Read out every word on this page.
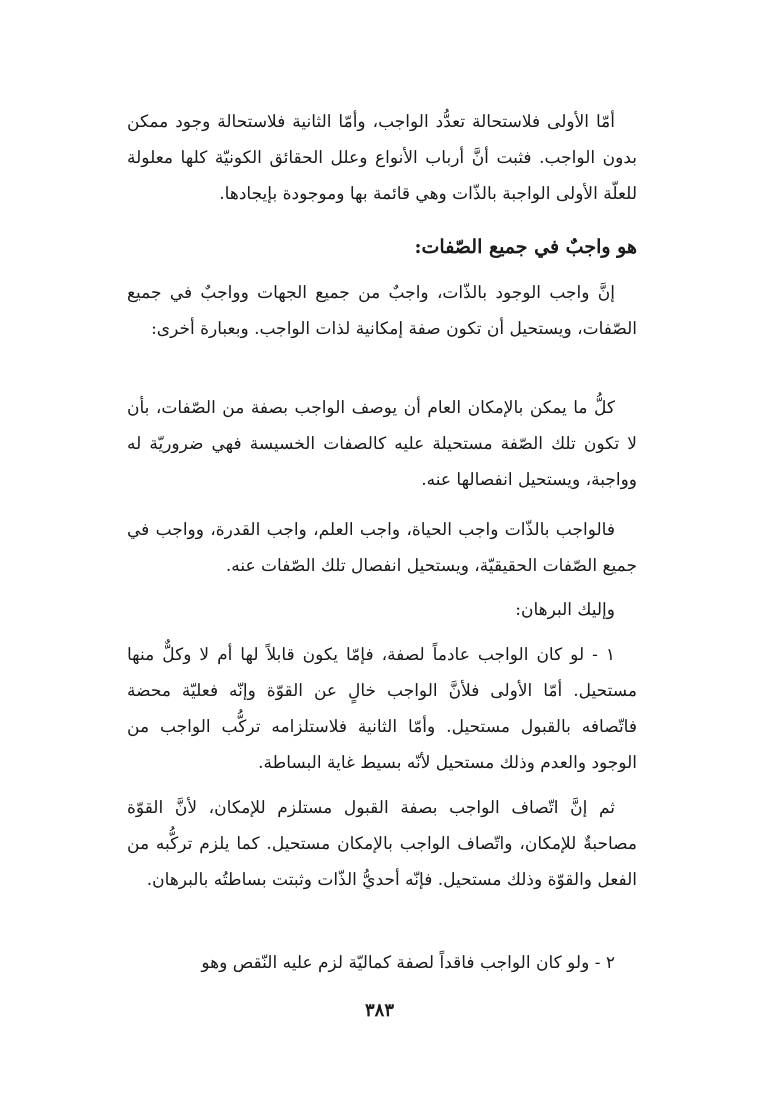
أمّا الأولى فلاستحالة تعدُّد الواجب، وأمّا الثانية فلاستحالة وجود ممكن بدون الواجب. فثبت أنَّ أرباب الأنواع وعلل الحقائق الكونيّة كلها معلولة للعلّة الأولى الواجبة بالذّات وهي قائمة بها وموجودة بإيجادها.

هو واجبٌ في جميع الصّفات:

إنَّ واجب الوجود بالذّات، واجبٌ من جميع الجهات وواجبٌ في جميع الصّفات، ويستحيل أن تكون صفة إمكانية لذات الواجب. وبعبارة أخرى:

كلُّ ما يمكن بالإمكان العام أن يوصف الواجب بصفة من الصّفات، بأن لا تكون تلك الصّفة مستحيلة عليه كالصفات الخسيسة فهي ضروريّة له وواجبة، ويستحيل انفصالها عنه.

فالواجب بالذّات واجب الحياة، واجب العلم، واجب القدرة، وواجب في جميع الصّفات الحقيقيّة، ويستحيل انفصال تلك الصّفات عنه.

وإليك البرهان:

١ - لو كان الواجب عادماً لصفة، فإمّا يكون قابلاً لها أم لا وكلٌّ منها مستحيل. أمّا الأولى فلأنَّ الواجب خالٍ عن القوّة وإنّه فعليّة محضة فاتّصافه بالقبول مستحيل. وأمّا الثانية فلاستلزامه تركُّب الواجب من الوجود والعدم وذلك مستحيل لأنّه بسيط غاية البساطة.

ثم إنَّ اتّصاف الواجب بصفة القبول مستلزم للإمكان، لأنَّ القوّة مصاحبةٌ للإمكان، واتّصاف الواجب بالإمكان مستحيل. كما يلزم تركُّبه من الفعل والقوّة وذلك مستحيل. فإنّه أحديُّ الذّات وثبتت بساطتُه بالبرهان.

٢ - ولو كان الواجب فاقداً لصفة كماليّة لزم عليه النّقص وهو

٣٨٣
